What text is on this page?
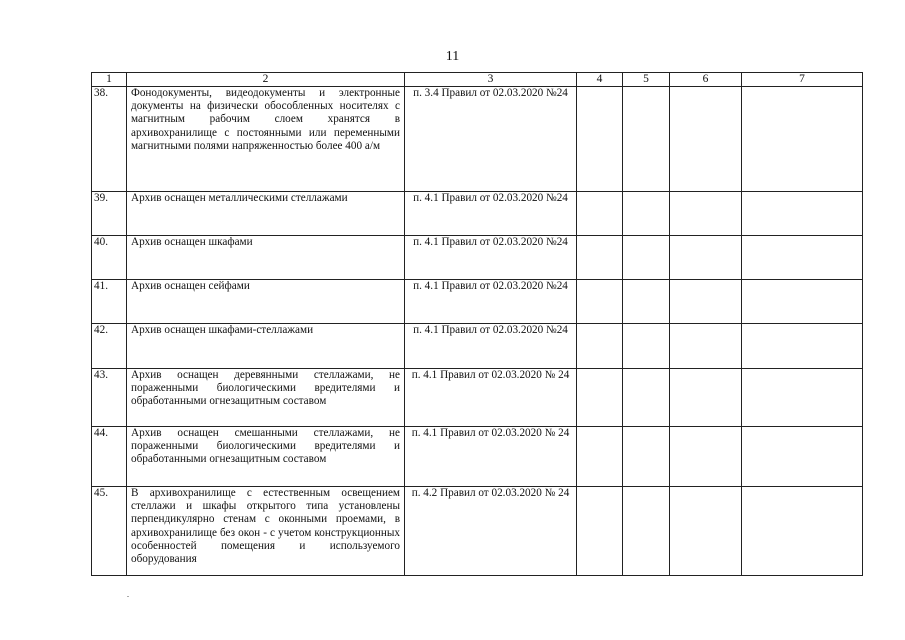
11
1	2	3	4	5	6	7
38.	Фонодокументы, видеодокументы и электронные документы на физически обособленных носителях с магнитным рабочим слоем хранятся в архивохранилище с постоянными или переменными магнитными полями напряженностью более 400 а/м	п. 3.4 Правил от 02.03.2020 №24				
39.	Архив оснащен металлическими стеллажами	п. 4.1 Правил от 02.03.2020 №24				
40.	Архив оснащен шкафами	п. 4.1 Правил от 02.03.2020 №24				
41.	Архив оснащен сейфами	п. 4.1 Правил от 02.03.2020 №24				
42.	Архив оснащен шкафами-стеллажами	п. 4.1 Правил от 02.03.2020 №24				
43.	Архив оснащен деревянными стеллажами, не пораженными биологическими вредителями и обработанными огнезащитным составом	п. 4.1 Правил от 02.03.2020 № 24				
44.	Архив оснащен смешанными стеллажами, не пораженными биологическими вредителями и обработанными огнезащитным составом	п. 4.1 Правил от 02.03.2020 № 24				
45.	В архивохранилище с естественным освещением стеллажи и шкафы открытого типа установлены перпендикулярно стенам с оконными проемами, в архивохранилище без окон - с учетом конструкционных особенностей помещения и используемого оборудования	п. 4.2 Правил от 02.03.2020 № 24				
